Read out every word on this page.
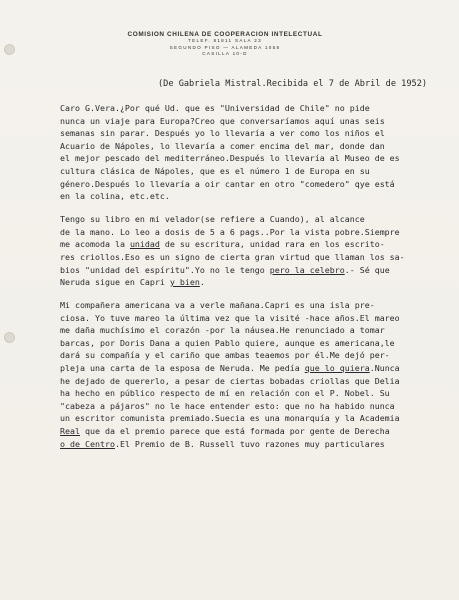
COMISION CHILENA DE COOPERACION INTELECTUAL
TELEF. 81811 SALA 23
SEGUNDO PISO — ALAMEDA 1058
CASILLA 10-D
(De Gabriela Mistral.Recibida el 7 de Abril de 1952)
Caro G.Vera.¿Por qué Ud. que es "Universidad de Chile" no pide
nunca un viaje para Europa?Creo que conversaríamos aquí unas seis
semanas sin parar. Después yo lo llevaría a ver como los niños el
Acuario de Nápoles, lo llevaría a comer encima del mar, donde dan
el mejor pescado del mediterráneo.Después lo llevaría al Museo de es
cultura clásica de Nápoles, que es el número 1 de Europa en su
género.Después lo llevaría a oir cantar en otro "comedero" qye está
en la colina, etc.etc.
Tengo su libro en mi velador(se refiere a Cuando), al alcance
de la mano. Lo leo a dosis de 5 a 6 pags..Por la vista pobre.Siempre
me acomoda la unidad de su escritura, unidad rara en los escrito-
res criollos.Eso es un signo de cierta gran virtud que llaman los sa-
bios "unidad del espíritu".Yo no le tengo pero la celebro.- Sé que
Neruda sigue en Capri y bien.
Mi compañera americana va a verle mañana.Capri es una isla pre-
ciosa. Yo tuve mareo la última vez que la visité -hace años.El mareo
me daña muchísimo el corazón -por la náusea.He renunciado a tomar
barcas, por Doris Dana a quien Pablo quiere, aunque es americana,le
dará su compañía y el cariño que ambas teaemos por él.Me dejó per-
pleja una carta de la esposa de Neruda. Me pedía que lo quiera.Nunca
he dejado de quererlo, a pesar de ciertas bobadas criollas que Delia
ha hecho en público respecto de mí en relación con el P. Nobel. Su
"cabeza a pájaros" no le hace entender esto: que no ha habido nunca
un escritor comunista premiado.Suecia es una monarquía y la Academia
Real que da el premio parece que está formada por gente de Derecha
o de Centro.El Premio de B. Russell tuvo razones muy particulares
